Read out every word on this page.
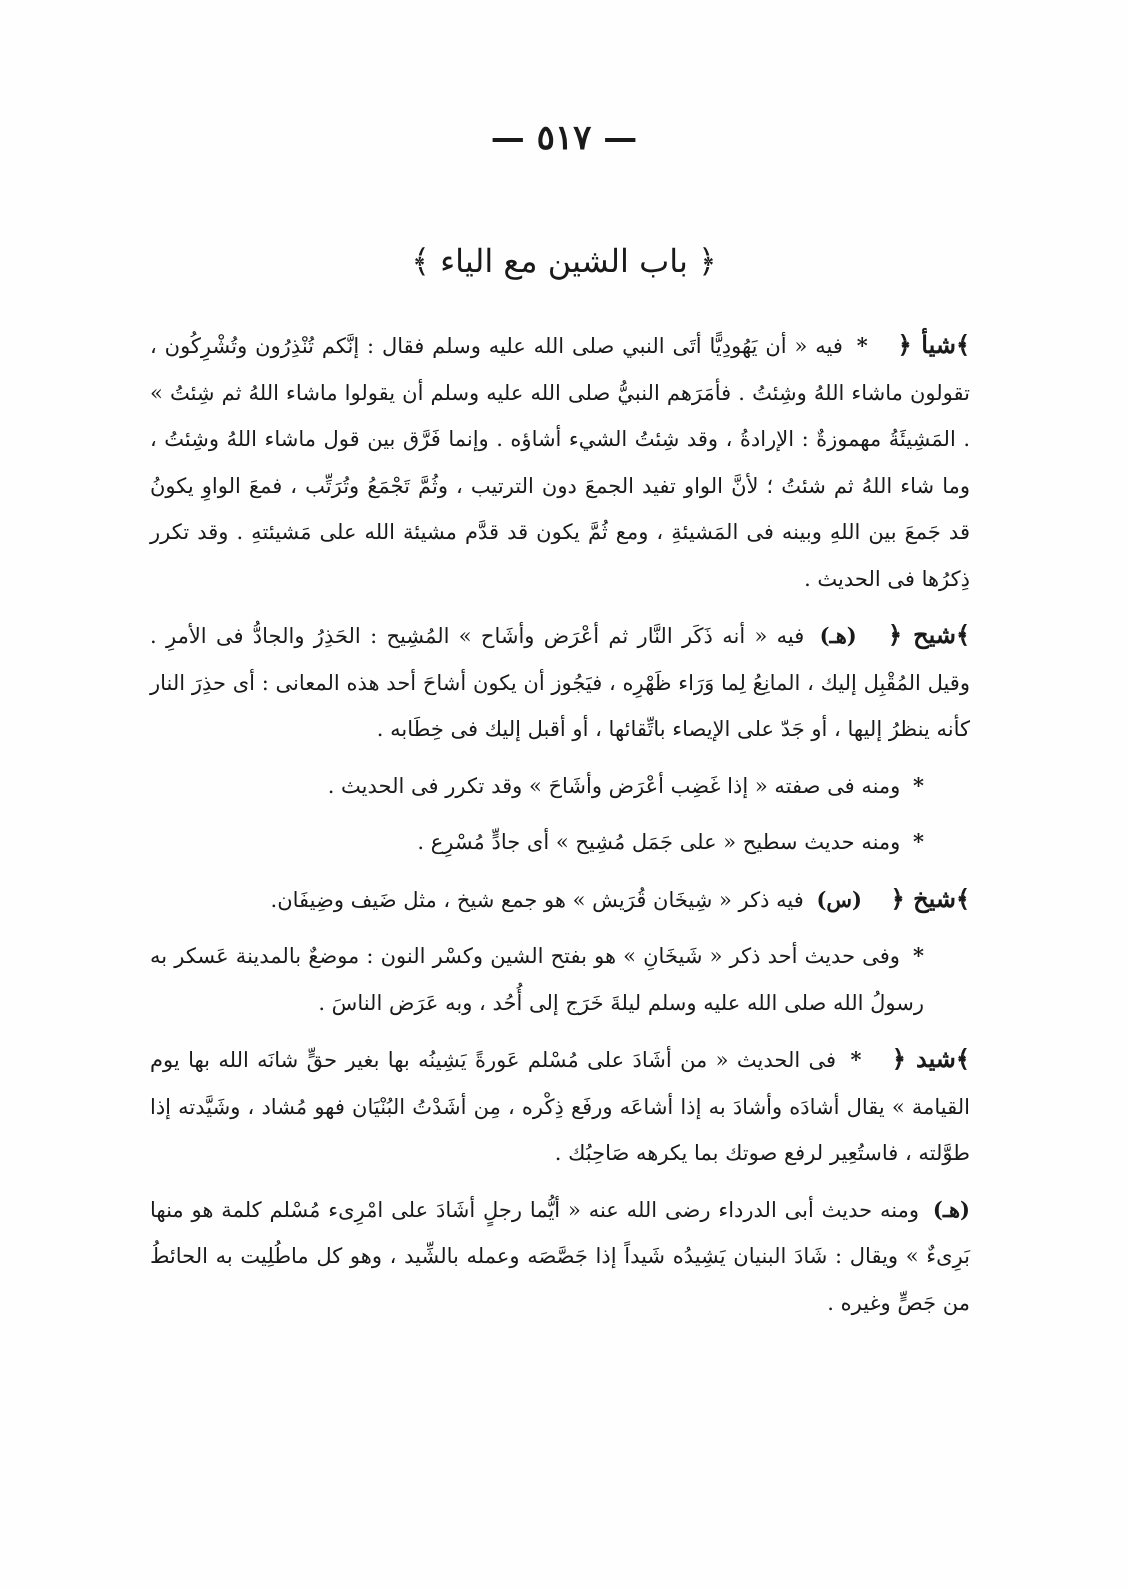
— ٥١٧ —
﴿ باب الشين مع الياء ﴾

﴾ شيأ ﴿ * فيه « أن يَهُودِيًّا أتَى النبي صلى الله عليه وسلم فقال : إنَّكم تُنْذِرُون وتُشْرِكُون ، تقولون ماشاء اللهُ وشِئتُ . فأمَرَهم النبيُّ صلى الله عليه وسلم أن يقولوا ماشاء اللهُ ثم شِئتُ » . المَشِيئَةُ مهموزةٌ : الإرادةُ ، وقد شِئتُ الشيء أشاؤه . وإنما فَرَّق بين قول ماشاء اللهُ وشِئتُ ، وما شاء اللهُ ثم شئتُ ؛ لأنَّ الواو تفيد الجمعَ دون الترتيب ، وثُمَّ تَجْمَعُ وتُرَتِّب ، فمعَ الواوِ يكونُ قد جَمعَ بين اللهِ وبينه فى المَشيئةِ ، ومع ثُمَّ يكون قد قدَّم مشيئة الله على مَشيئتهِ . وقد تكرر ذِكرُها فى الحديث .

﴾ شيح ﴿ (هـ) فيه « أنه ذَكَر النَّار ثم أعْرَض وأشَاح » المُشِيح : الحَذِرُ والجادُّ فى الأمرِ . وقيل المُقْبِل إليك ، المانِعُ لِما وَرَاء ظَهْرِه ، فيَجُوز أن يكون أشاحَ أحد هذه المعانى : أى حذِرَ النار كأنه ينظرُ إليها ، أو جَدّ على الإيصاء باتِّقائها ، أو أقبل إليك فى خِطَابه .

* ومنه فى صفته « إذا غَضِب أعْرَض وأشَاحَ » وقد تكرر فى الحديث .

* ومنه حديث سطيح « على جَمَل مُشِيح » أى جادٍّ مُسْرِع .

﴾ شيخ ﴿ (س) فيه ذكر « شِيخَان قُرَيش » هو جمع شيخ ، مثل ضَيف وضِيفَان.

* وفى حديث أحد ذكر « شَيخَانِ » هو بفتح الشين وكسْر النون : موضعٌ بالمدينة عَسكر به رسولُ الله صلى الله عليه وسلم ليلةَ خَرَج إلى أُحُد ، وبه عَرَض الناسَ .

﴾ شيد ﴿ * فى الحديث « من أشَادَ على مُسْلم عَورةً يَشِينُه بها بغير حقٍّ شانَه الله بها يوم القيامة » يقال أشادَه وأشادَ به إذا أشاعَه ورفَع ذِكْره ، مِن أشَدْتُ البُنْيَان فهو مُشاد ، وشَيَّدته إذا طوَّلته ، فاستُعِير لرفع صوتك بما يكرهه صَاحِبُك .

(هـ) ومنه حديث أبى الدرداء رضى الله عنه « أيُّما رجلٍ أشَادَ على امْرِىء مُسْلم كلمة هو منها بَرِىءٌ » ويقال : شَادَ البنيان يَشِيدُه شَيداً إذا جَصَّصَه وعمله بالشِّيد ، وهو كل ماطُلِيت به الحائطُ من جَصٍّ وغيره .
